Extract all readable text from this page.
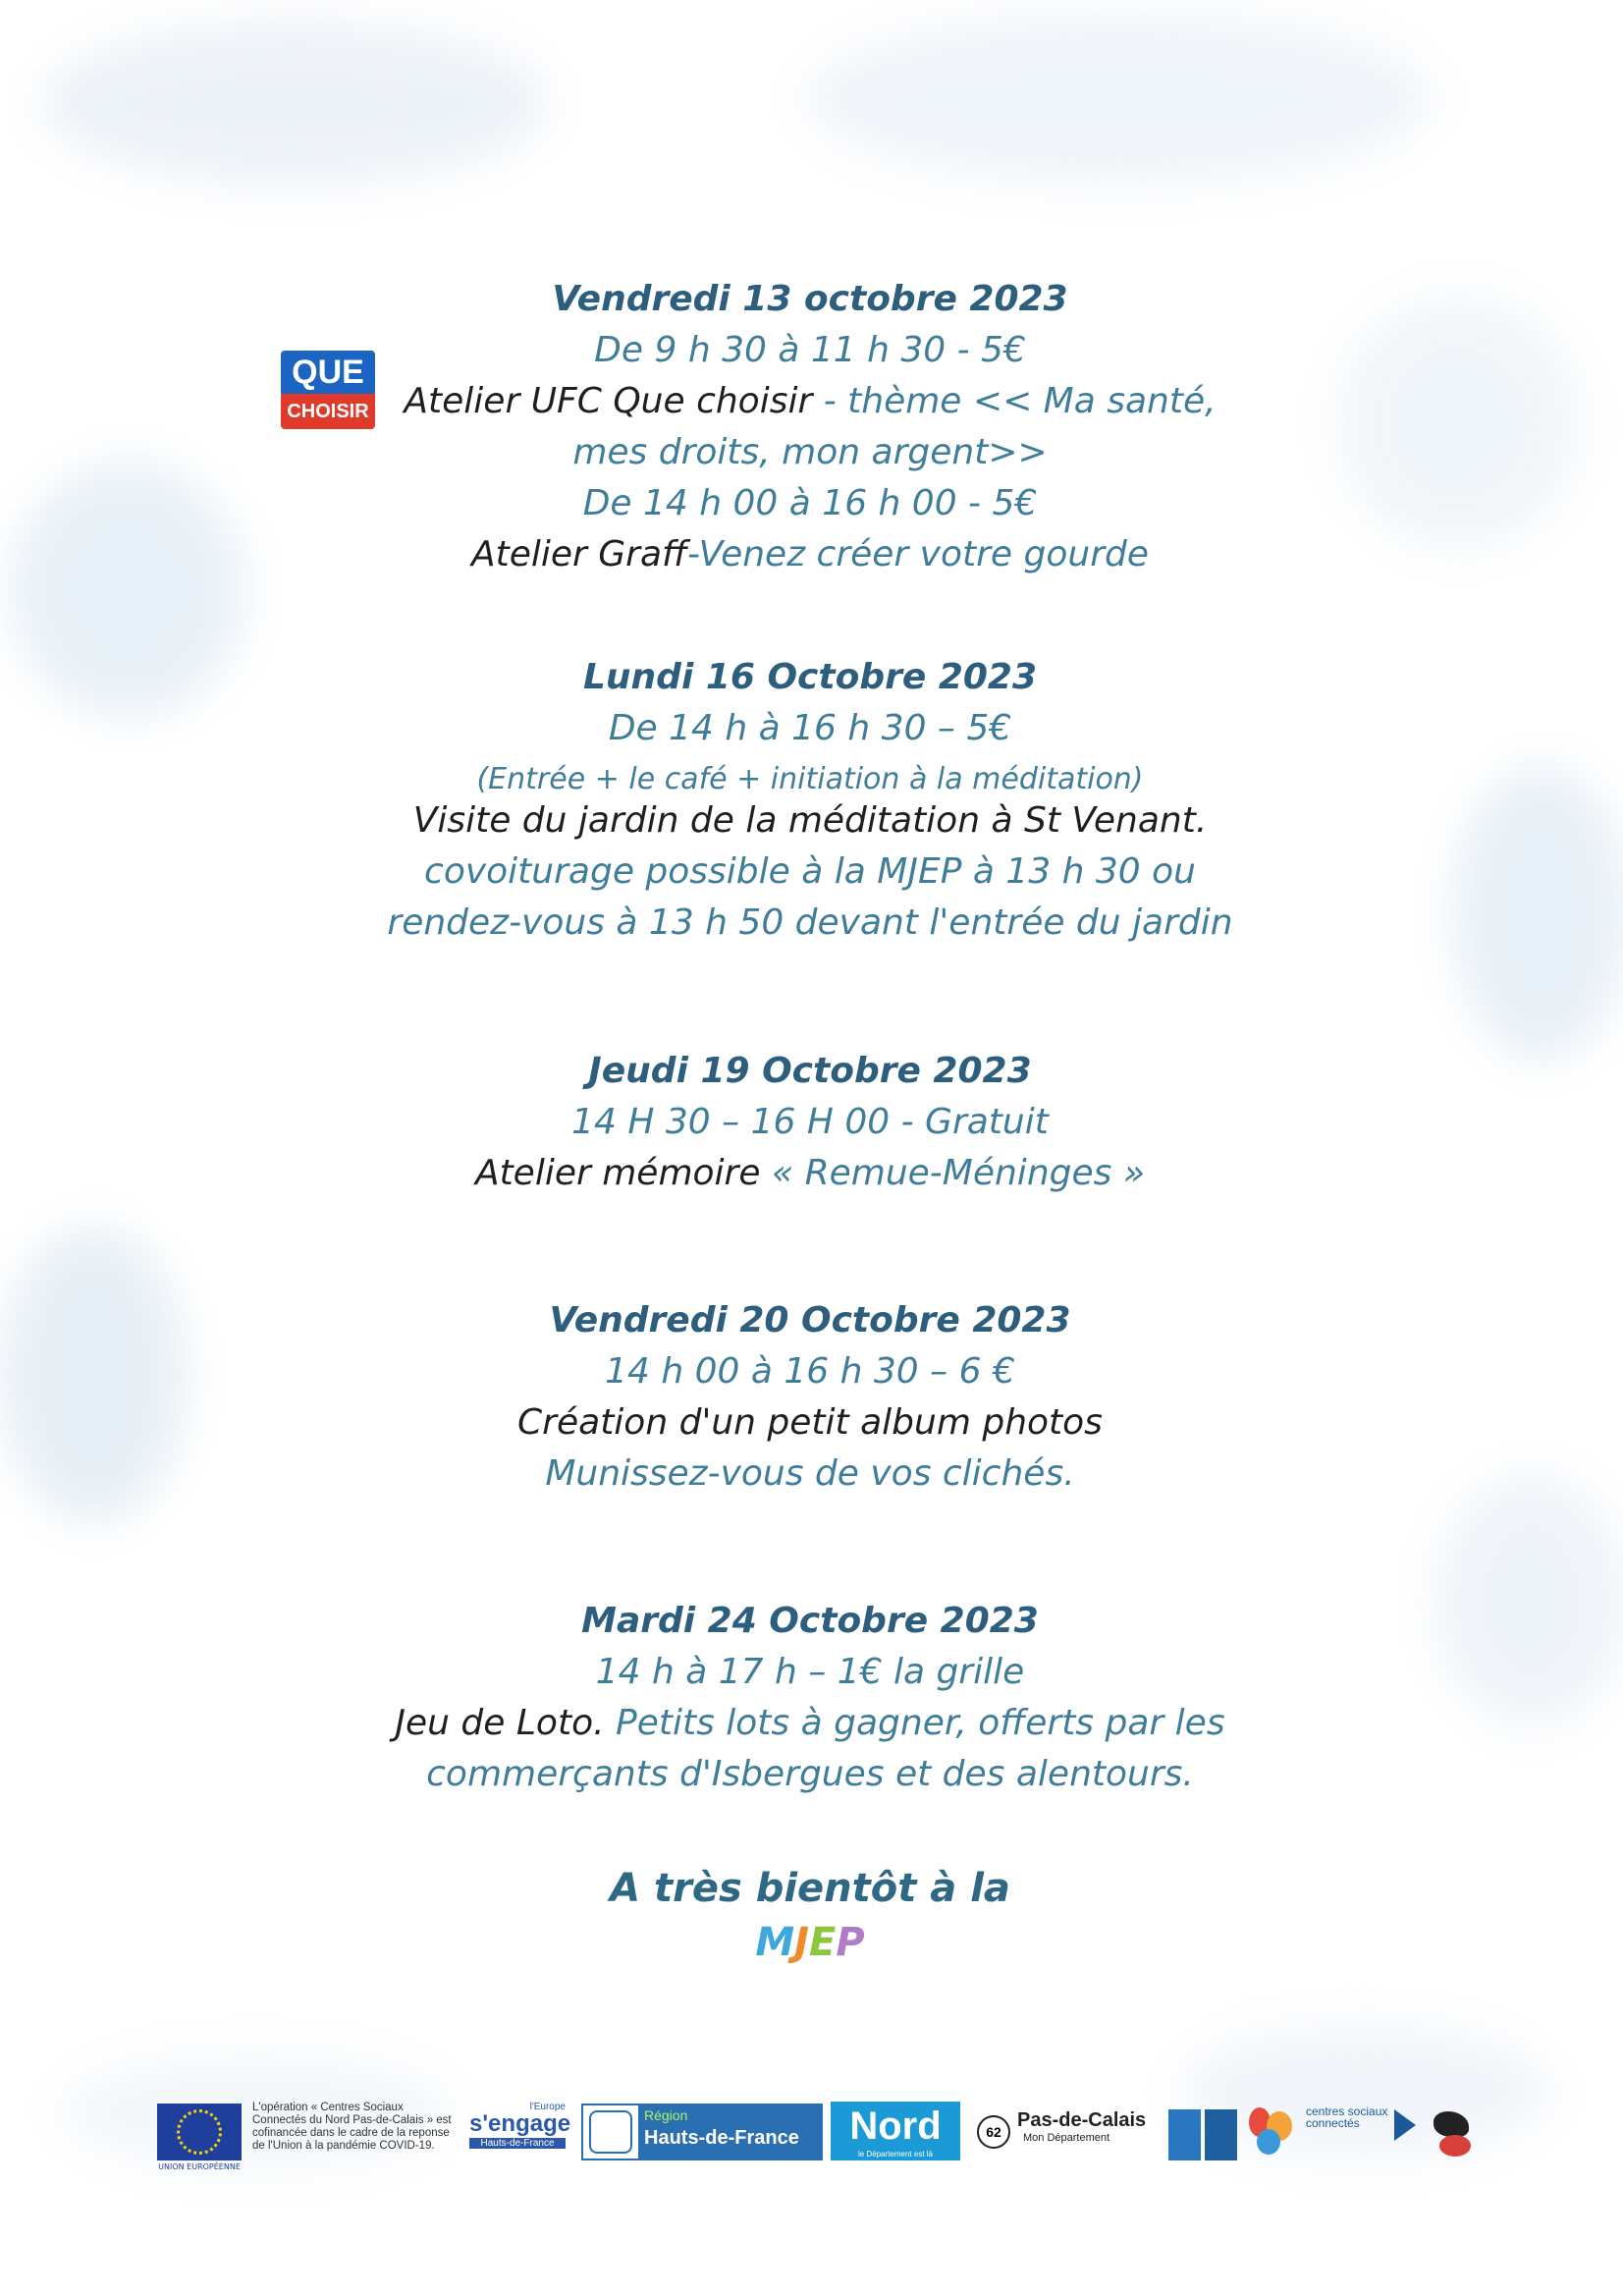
QUE
CHOISIR
Vendredi 13 octobre 2023
De 9 h 30 à 11 h 30 - 5€
Atelier UFC Que choisir - thème << Ma santé,
mes droits, mon argent>>
De 14 h 00 à 16 h 00 - 5€
Atelier Graff-Venez créer votre gourde
Lundi 16 Octobre 2023
De 14 h à 16 h 30 – 5€
(Entrée + le café + initiation à la méditation)
Visite du jardin de la méditation à St Venant.
covoiturage possible à la MJEP à 13 h 30 ou
rendez-vous à 13 h 50 devant l'entrée du jardin
Jeudi 19 Octobre 2023
14 H 30 – 16 H 00 - Gratuit
Atelier mémoire « Remue-Méninges »
Vendredi 20 Octobre 2023
14 h 00 à 16 h 30 – 6 €
Création d'un petit album photos
Munissez-vous de vos clichés.
Mardi 24 Octobre 2023
14 h à 17 h – 1€ la grille
Jeu de Loto. Petits lots à gagner, offerts par les
commerçants d'Isbergues et des alentours.
A très bientôt à la
MJEP
UNION EUROPÉENNE
L'opération « Centres Sociaux Connectés du Nord Pas-de-Calais » est cofinancée dans le cadre de la reponse de l'Union à la pandémie COVID-19.
l'Europe
s'engage
Hauts-de-France
Région
Hauts-de-France	Nord
le Département est là
62
Pas-de-Calais
Mon Département
centres sociaux connectés
